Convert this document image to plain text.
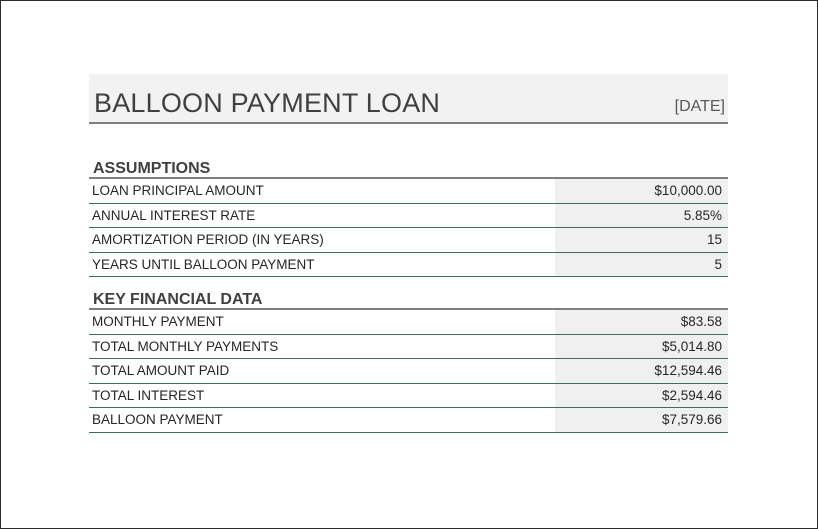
BALLOON PAYMENT LOAN	[DATE]
ASSUMPTIONS
LOAN PRINCIPAL AMOUNT	$10,000.00
ANNUAL INTEREST RATE	5.85%
AMORTIZATION PERIOD (IN YEARS)	15
YEARS UNTIL BALLOON PAYMENT	5
KEY FINANCIAL DATA
MONTHLY PAYMENT	$83.58
TOTAL MONTHLY PAYMENTS	$5,014.80
TOTAL AMOUNT PAID	$12,594.46
TOTAL INTEREST	$2,594.46
BALLOON PAYMENT	$7,579.66
